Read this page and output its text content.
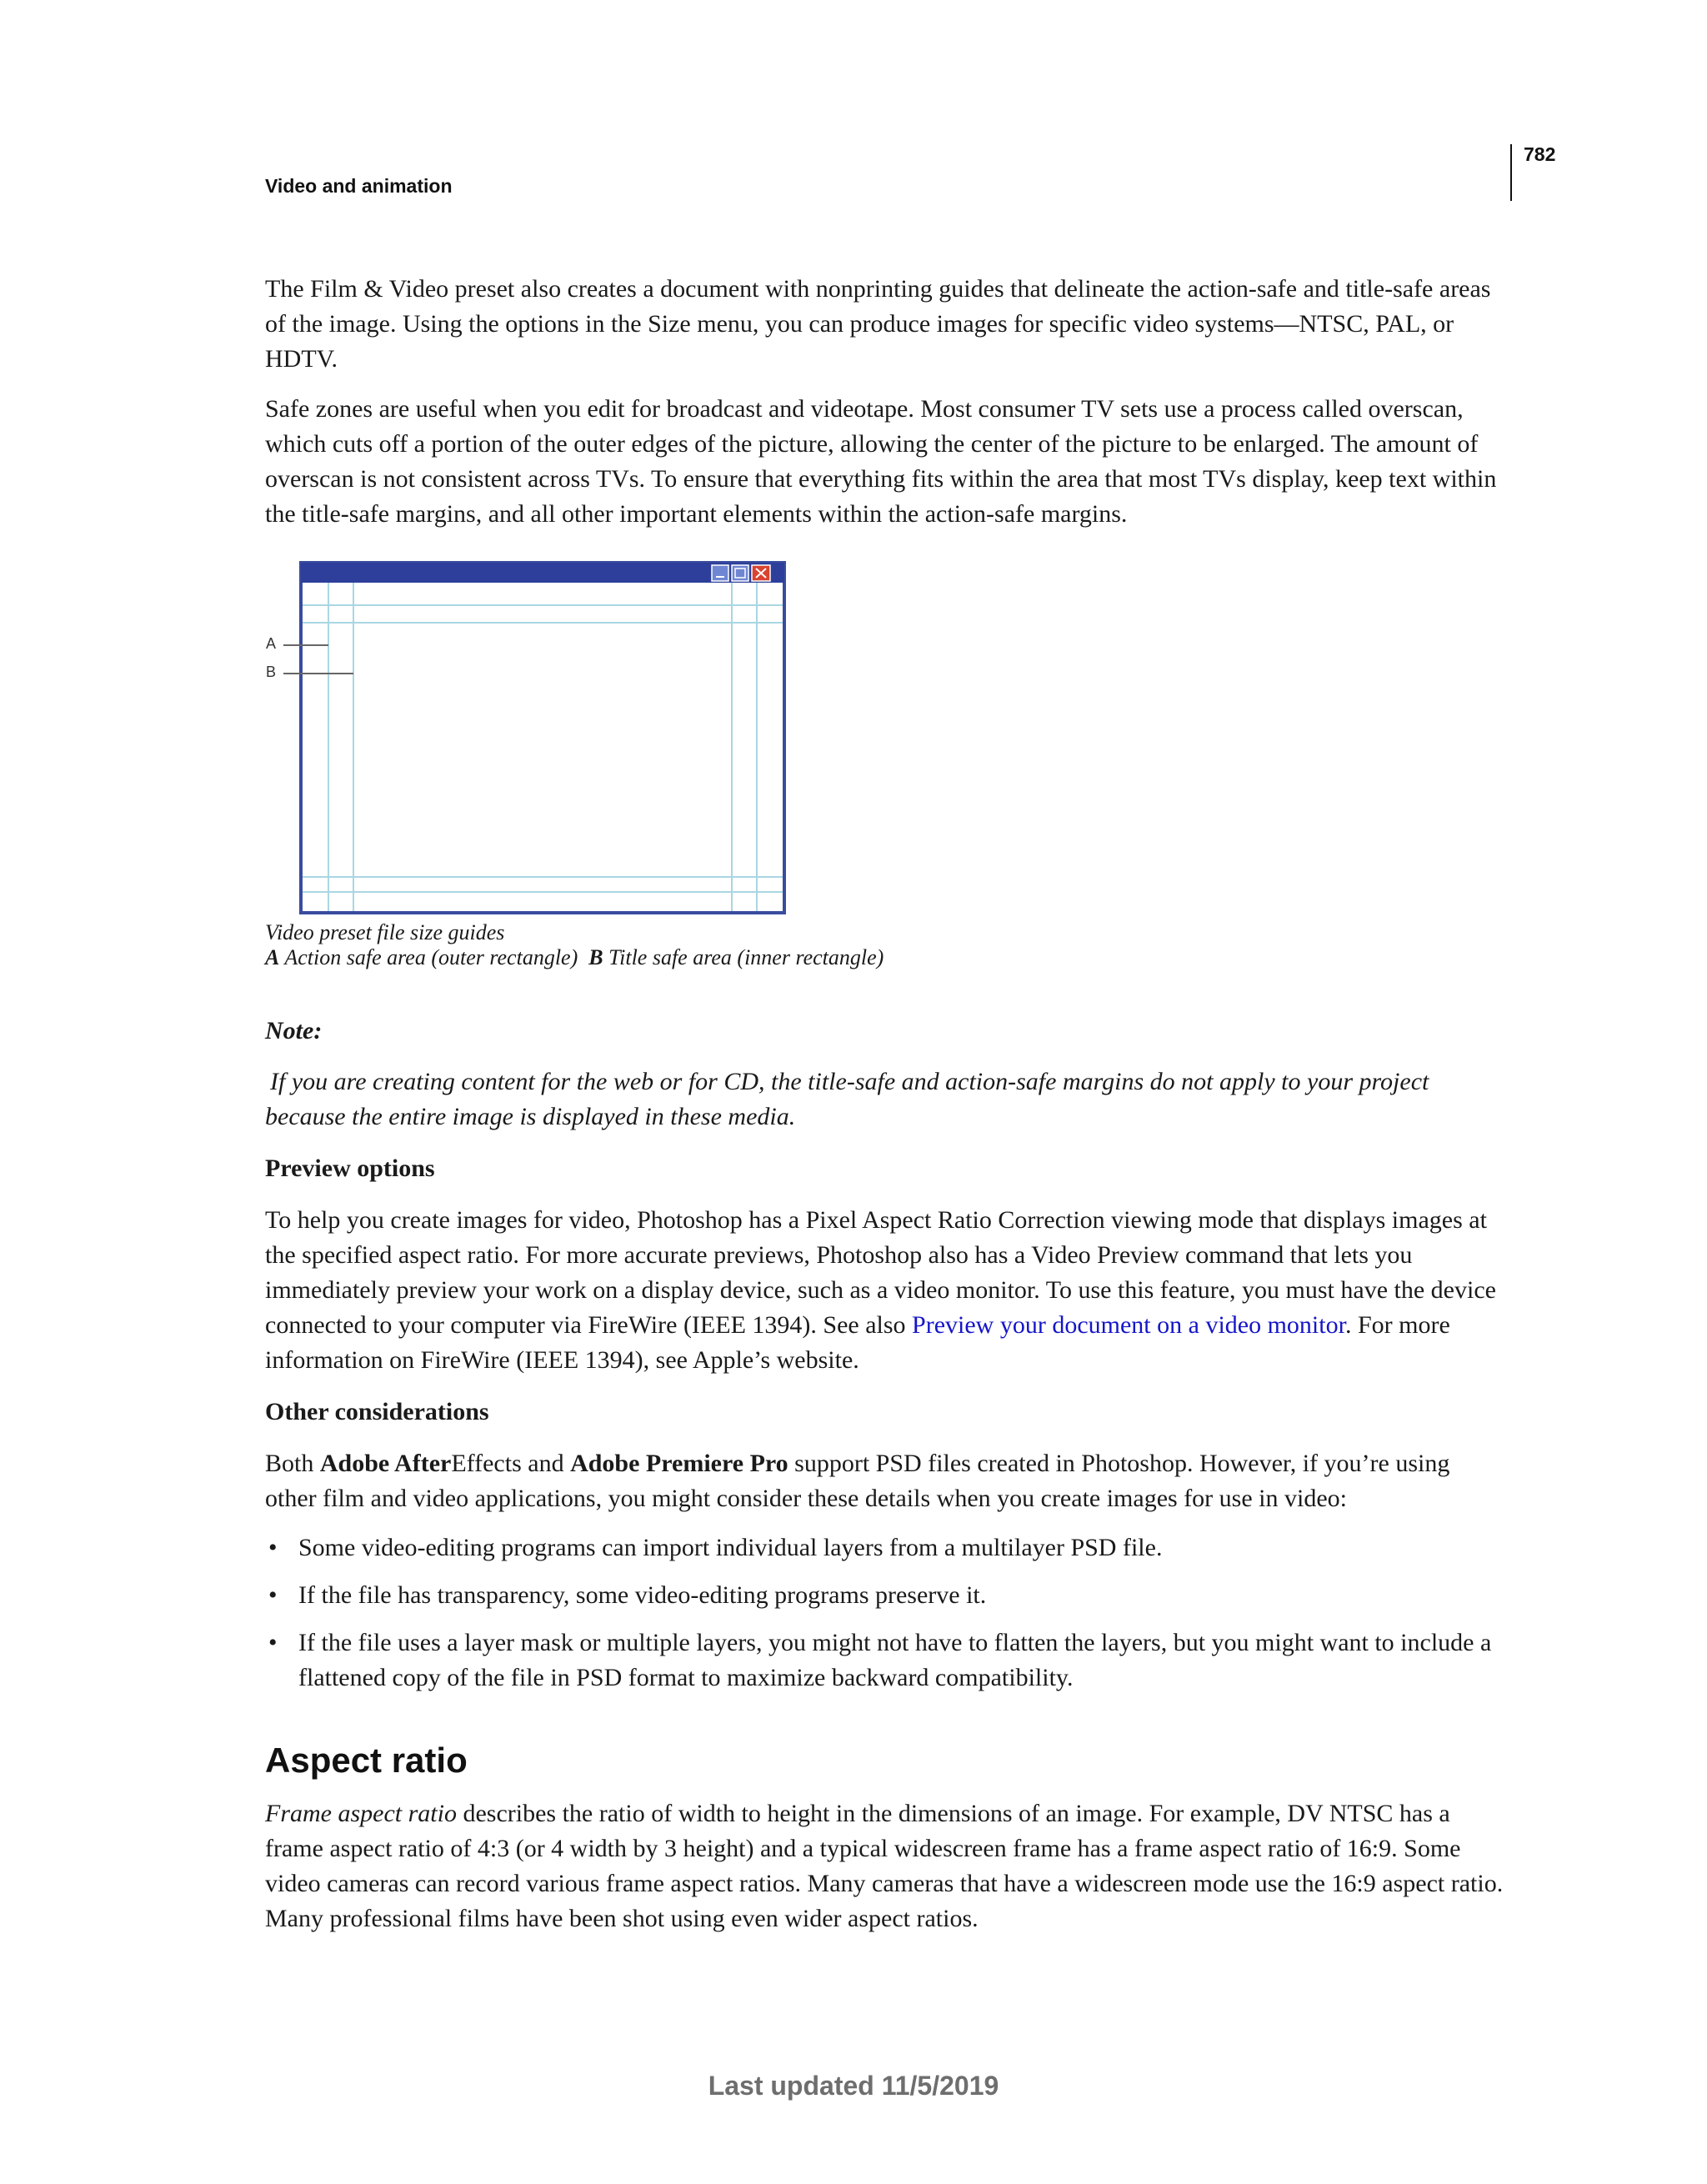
Video and animation
782

The Film & Video preset also creates a document with nonprinting guides that delineate the action-safe and title-safe areas of the image. Using the options in the Size menu, you can produce images for specific video systems—NTSC, PAL, or HDTV.

Safe zones are useful when you edit for broadcast and videotape. Most consumer TV sets use a process called overscan, which cuts off a portion of the outer edges of the picture, allowing the center of the picture to be enlarged. The amount of overscan is not consistent across TVs. To ensure that everything fits within the area that most TVs display, keep text within the title-safe margins, and all other important elements within the action-safe margins.

A
B

Video preset file size guides

A Action safe area (outer rectangle) B Title safe area (inner rectangle)

Note:

If you are creating content for the web or for CD, the title-safe and action-safe margins do not apply to your project because the entire image is displayed in these media.

Preview options

To help you create images for video, Photoshop has a Pixel Aspect Ratio Correction viewing mode that displays images at the specified aspect ratio. For more accurate previews, Photoshop also has a Video Preview command that lets you immediately preview your work on a display device, such as a video monitor. To use this feature, you must have the device connected to your computer via FireWire (IEEE 1394). See also Preview your document on a video monitor. For more information on FireWire (IEEE 1394), see Apple’s website.

Other considerations

Both Adobe AfterEffects and Adobe Premiere Pro support PSD files created in Photoshop. However, if you’re using other film and video applications, you might consider these details when you create images for use in video:

• Some video-editing programs can import individual layers from a multilayer PSD file.
• If the file has transparency, some video-editing programs preserve it.
• If the file uses a layer mask or multiple layers, you might not have to flatten the layers, but you might want to include a flattened copy of the file in PSD format to maximize backward compatibility.
Aspect ratio

Frame aspect ratio describes the ratio of width to height in the dimensions of an image. For example, DV NTSC has a frame aspect ratio of 4:3 (or 4 width by 3 height) and a typical widescreen frame has a frame aspect ratio of 16:9. Some video cameras can record various frame aspect ratios. Many cameras that have a widescreen mode use the 16:9 aspect ratio. Many professional films have been shot using even wider aspect ratios.

Last updated 11/5/2019
